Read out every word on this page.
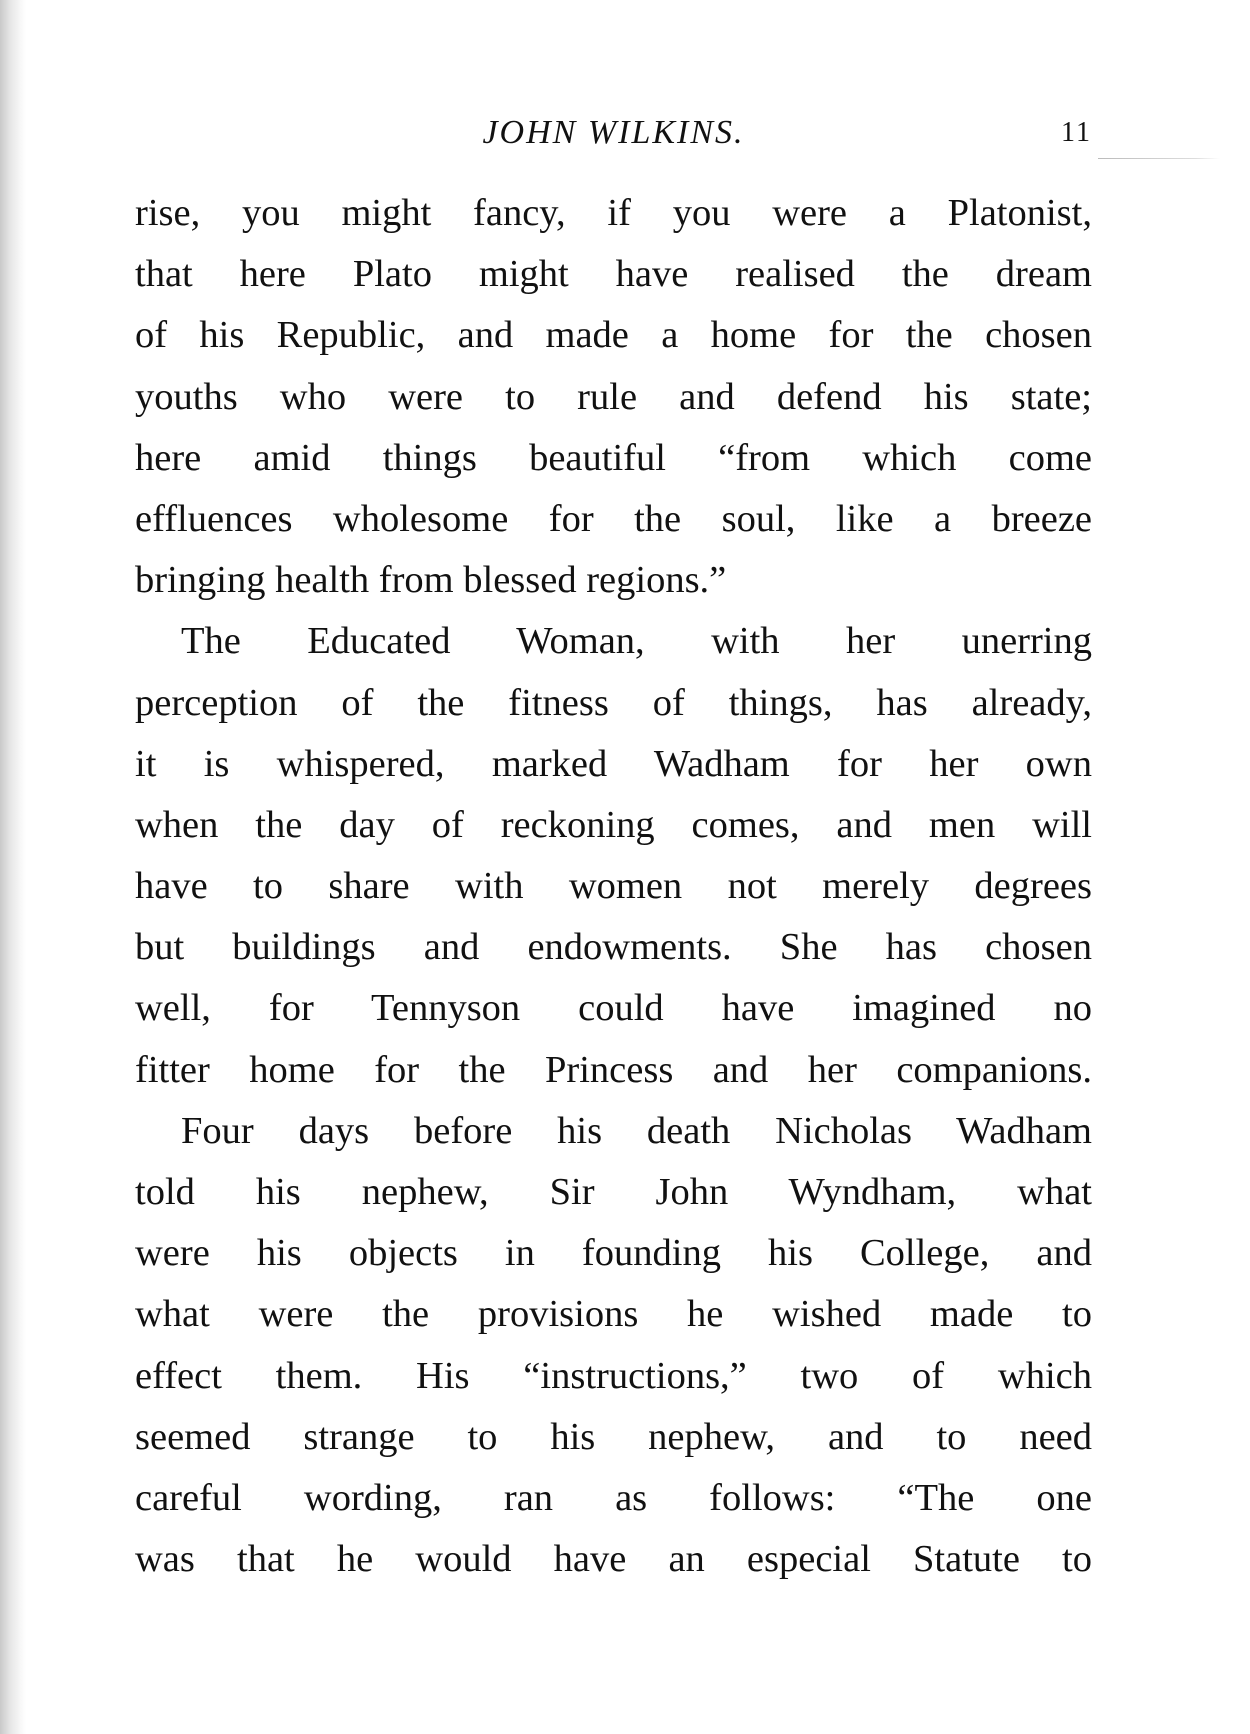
JOHN WILKINS.	11
rise, you might fancy, if you were a Platonist,
that here Plato might have realised the dream
of his Republic, and made a home for the chosen
youths who were to rule and defend his state;
here amid things beautiful “from which come
effluences wholesome for the soul, like a breeze
bringing health from blessed regions.”
The Educated Woman, with her unerring
perception of the fitness of things, has already,
it is whispered, marked Wadham for her own
when the day of reckoning comes, and men will
have to share with women not merely degrees
but buildings and endowments. She has chosen
well, for Tennyson could have imagined no
fitter home for the Princess and her companions.
Four days before his death Nicholas Wadham
told his nephew, Sir John Wyndham, what
were his objects in founding his College, and
what were the provisions he wished made to
effect them. His “instructions,” two of which
seemed strange to his nephew, and to need
careful wording, ran as follows: “The one
was that he would have an especial Statute to
